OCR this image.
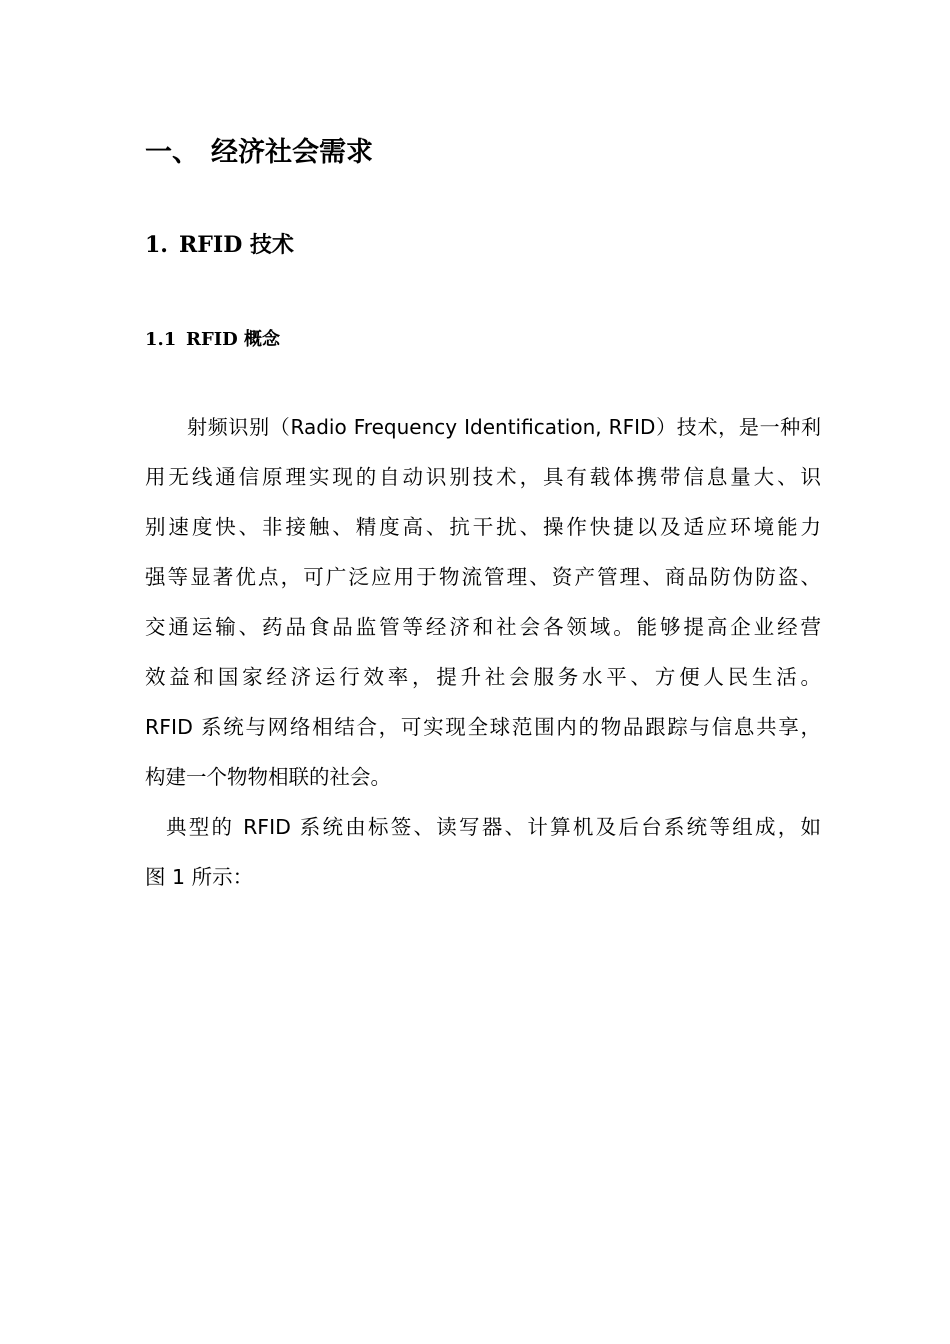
一、 经济社会需求
1. RFID 技术
1.1 RFID 概念
射频识别（Radio Frequency Identification, RFID）技术，是一种利
用无线通信原理实现的自动识别技术，具有载体携带信息量大、识
别速度快、非接触、精度高、抗干扰、操作快捷以及适应环境能力
强等显著优点，可广泛应用于物流管理、资产管理、商品防伪防盗、
交通运输、药品食品监管等经济和社会各领域。能够提高企业经营
效益和国家经济运行效率，提升社会服务水平、方便人民生活。
RFID 系统与网络相结合，可实现全球范围内的物品跟踪与信息共享，
构建一个物物相联的社会。
典型的 RFID 系统由标签、读写器、计算机及后台系统等组成，如
图 1 所示：
